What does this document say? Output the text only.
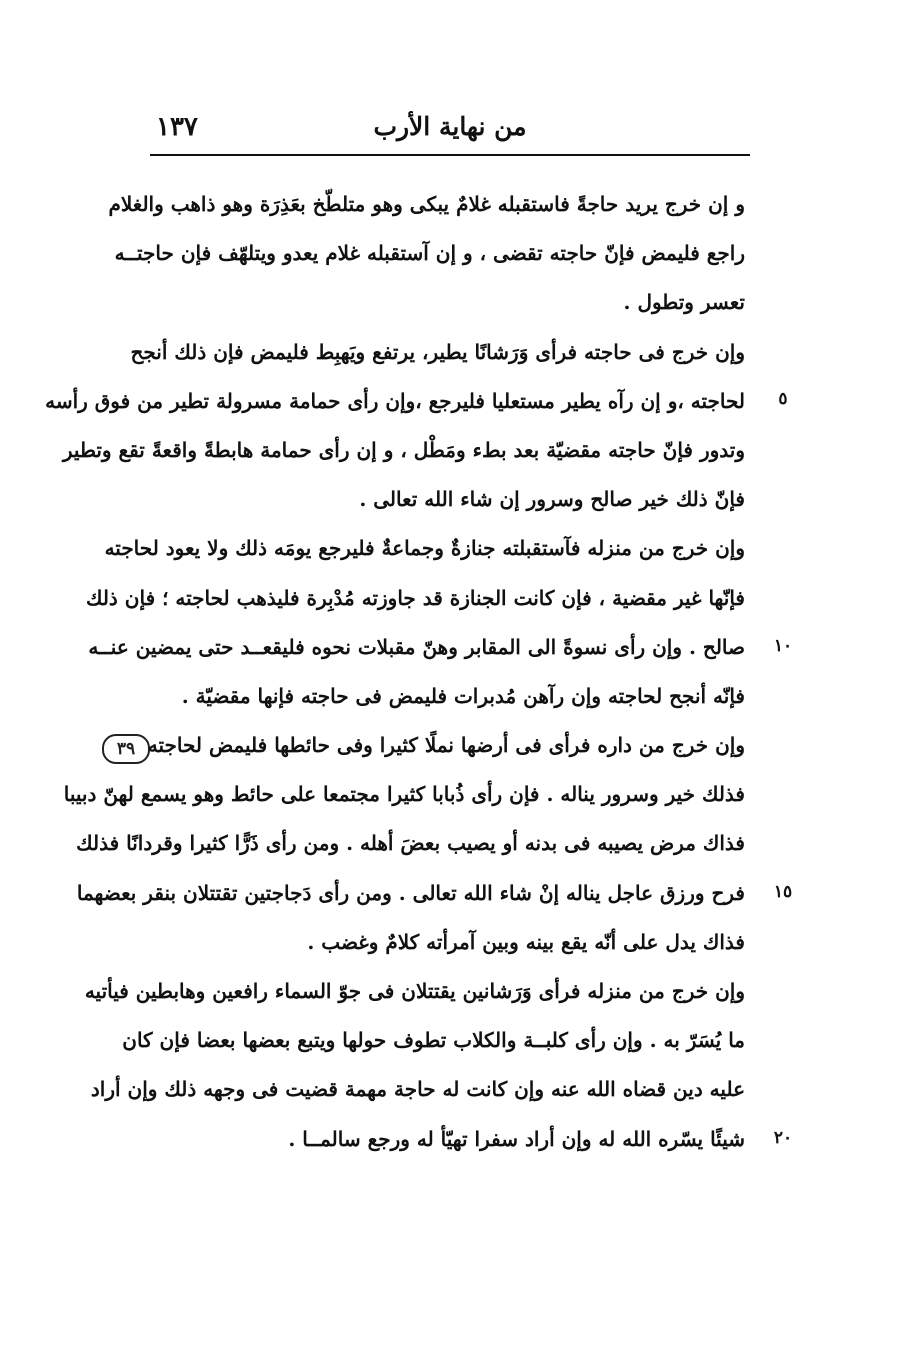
من نهاية الأرب
١٣٧
٣٩
٥
١٠
١٥
٢٠
و إن خرج يريد حاجةً فاستقبله غلامٌ يبكى وهو متلطّخ بعَذِرَة وهو ذاهب والغلام
راجع فليمض فإنّ حاجته تقضى ، و إن آستقبله غلام يعدو ويتلهّف فإن حاجتــه
تعسر وتطول .
وإن خرج فى حاجته فرأى وَرَشانًا يطير، يرتفع ويَهبِط فليمض فإن ذلك أنجح
لحاجته ،و إن رآه يطير مستعليا فليرجع ،وإن رأى حمامة مسرولة تطير من فوق رأسه
وتدور فإنّ حاجته مقضيّة بعد بطء ومَطْل ، و إن رأى حمامة هابطةً واقعةً تقع وتطير
فإنّ ذلك خير صالح وسرور إن شاء الله تعالى .
وإن خرج من منزله فآستقبلته جنازةٌ وجماعةٌ فليرجع يومَه ذلك ولا يعود لحاجته
فإنّها غير مقضية ، فإن كانت الجنازة قد جاوزته مُدْبِرة فليذهب لحاجته ؛ فإن ذلك
صالح . وإن رأى نسوةً الى المقابر وهنّ مقبلات نحوه فليقعــد حتى يمضين عنــه
فإنّه أنجح لحاجته وإن رآهن مُدبرات فليمض فى حاجته فإنها مقضيّة .
وإن خرج من داره فرأى فى أرضها نملًا كثيرا وفى حائطها فليمض لحاجته
فذلك خير وسرور يناله . فإن رأى ذُبابا كثيرا مجتمعا على حائط وهو يسمع لهنّ دبيبا
فذاك مرض يصيبه فى بدنه أو يصيب بعضَ أهله . ومن رأى ذَرًّا كثيرا وقردانًا فذلك
فرح ورزق عاجل يناله إنْ شاء الله تعالى . ومن رأى دَجاجتين تقتتلان بنقر بعضهما
فذاك يدل على أنّه يقع بينه وبين آمرأته كلامٌ وغضب .
وإن خرج من منزله فرأى وَرَشانين يقتتلان فى جوّ السماء رافعين وهابطين فيأتيه
ما يُسَرّ به . وإن رأى كلبــة والكلاب تطوف حولها ويتبع بعضها بعضا فإن كان
عليه دين قضاه الله عنه وإن كانت له حاجة مهمة قضيت فى وجهه ذلك وإن أراد
شيئًا يسّره الله له وإن أراد سفرا تهيّأ له ورجع سالمــا .
